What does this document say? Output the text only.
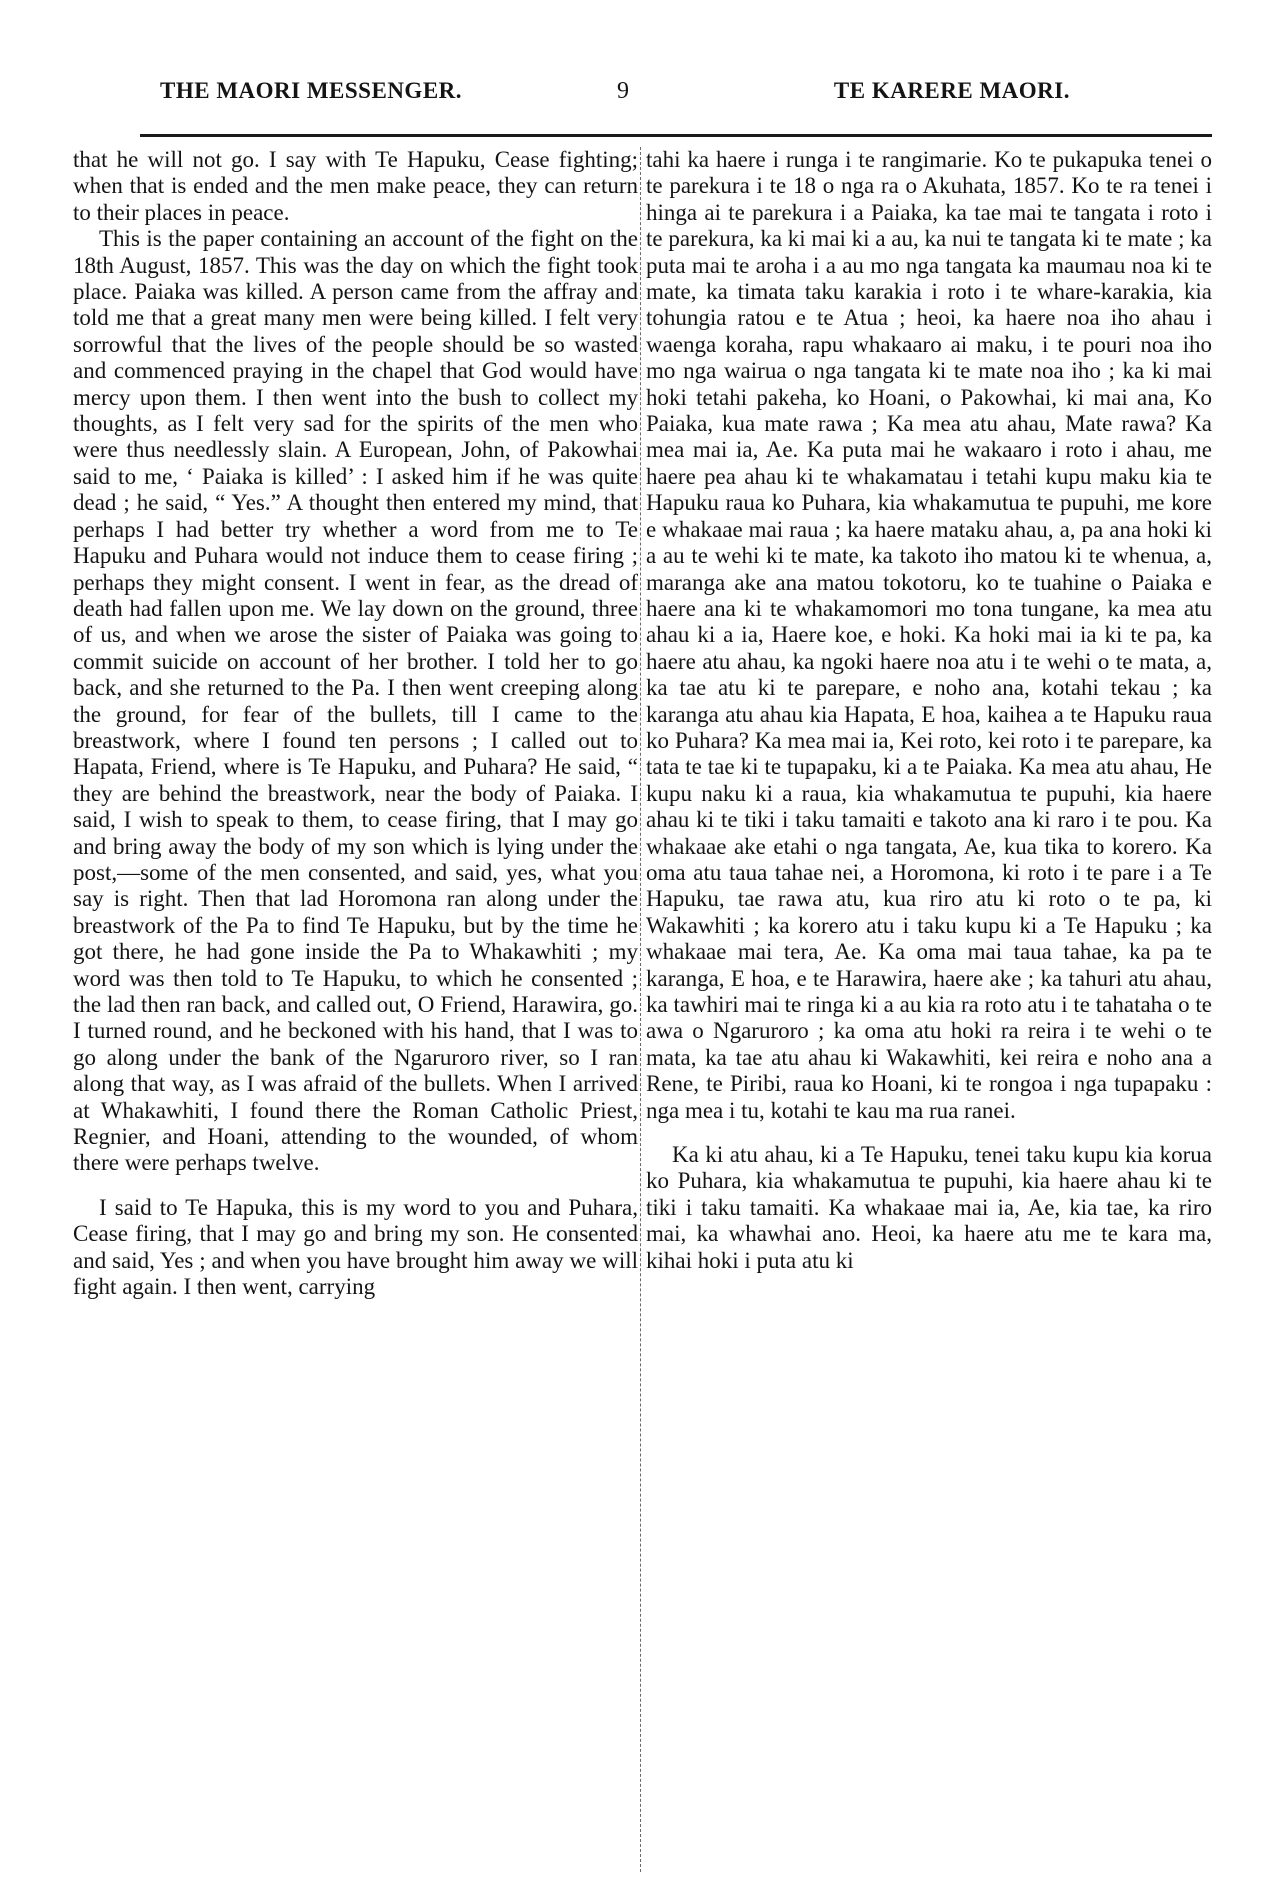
THE MAORI MESSENGER.	9	TE KARERE MAORI.

that he will not go. I say with Te Hapuku, Cease fighting; when that is ended and the men make peace, they can return to their places in peace.

This is the paper containing an account of the fight on the 18th August, 1857. This was the day on which the fight took place. Paiaka was killed. A person came from the affray and told me that a great many men were being killed. I felt very sorrowful that the lives of the people should be so wasted and commenced praying in the chapel that God would have mercy upon them. I then went into the bush to collect my thoughts, as I felt very sad for the spirits of the men who were thus needlessly slain. A European, John, of Pakowhai said to me, ‘ Paiaka is killed’ : I asked him if he was quite dead ; he said, “ Yes.” A thought then entered my mind, that perhaps I had better try whether a word from me to Te Hapuku and Puhara would not induce them to cease firing ; perhaps they might consent. I went in fear, as the dread of death had fallen upon me. We lay down on the ground, three of us, and when we arose the sister of Paiaka was going to commit suicide on account of her brother. I told her to go back, and she returned to the Pa. I then went creeping along the ground, for fear of the bullets, till I came to the breastwork, where I found ten persons ; I called out to Hapata, Friend, where is Te Hapuku, and Puhara? He said, “ they are behind the breastwork, near the body of Paiaka. I said, I wish to speak to them, to cease firing, that I may go and bring away the body of my son which is lying under the post,—some of the men consented, and said, yes, what you say is right. Then that lad Horomona ran along under the breastwork of the Pa to find Te Hapuku, but by the time he got there, he had gone inside the Pa to Whakawhiti ; my word was then told to Te Hapuku, to which he consented ; the lad then ran back, and called out, O Friend, Harawira, go. I turned round, and he beckoned with his hand, that I was to go along under the bank of the Ngaruroro river, so I ran along that way, as I was afraid of the bullets. When I arrived at Whakawhiti, I found there the Roman Catholic Priest, Regnier, and Hoani, attending to the wounded, of whom there were perhaps twelve.

I said to Te Hapuka, this is my word to you and Puhara, Cease firing, that I may go and bring my son. He consented and said, Yes ; and when you have brought him away we will fight again. I then went, carrying

tahi ka haere i runga i te rangimarie. Ko te pukapuka tenei o te parekura i te 18 o nga ra o Akuhata, 1857. Ko te ra tenei i hinga ai te parekura i a Paiaka, ka tae mai te tangata i roto i te parekura, ka ki mai ki a au, ka nui te tangata ki te mate ; ka puta mai te aroha i a au mo nga tangata ka maumau noa ki te mate, ka timata taku karakia i roto i te whare-karakia, kia tohungia ratou e te Atua ; heoi, ka haere noa iho ahau i waenga koraha, rapu whakaaro ai maku, i te pouri noa iho mo nga wairua o nga tangata ki te mate noa iho ; ka ki mai hoki tetahi pakeha, ko Hoani, o Pakowhai, ki mai ana, Ko Paiaka, kua mate rawa ; Ka mea atu ahau, Mate rawa? Ka mea mai ia, Ae. Ka puta mai he wakaaro i roto i ahau, me haere pea ahau ki te whakamatau i tetahi kupu maku kia te Hapuku raua ko Puhara, kia whakamutua te pupuhi, me kore e whakaae mai raua ; ka haere mataku ahau, a, pa ana hoki ki a au te wehi ki te mate, ka takoto iho matou ki te whenua, a, maranga ake ana matou tokotoru, ko te tuahine o Paiaka e haere ana ki te whakamomori mo tona tungane, ka mea atu ahau ki a ia, Haere koe, e hoki. Ka hoki mai ia ki te pa, ka haere atu ahau, ka ngoki haere noa atu i te wehi o te mata, a, ka tae atu ki te parepare, e noho ana, kotahi tekau ; ka karanga atu ahau kia Hapata, E hoa, kaihea a te Hapuku raua ko Puhara? Ka mea mai ia, Kei roto, kei roto i te parepare, ka tata te tae ki te tupapaku, ki a te Paiaka. Ka mea atu ahau, He kupu naku ki a raua, kia whakamutua te pupuhi, kia haere ahau ki te tiki i taku tamaiti e takoto ana ki raro i te pou. Ka whakaae ake etahi o nga tangata, Ae, kua tika to korero. Ka oma atu taua tahae nei, a Horomona, ki roto i te pare i a Te Hapuku, tae rawa atu, kua riro atu ki roto o te pa, ki Wakawhiti ; ka korero atu i taku kupu ki a Te Hapuku ; ka whakaae mai tera, Ae. Ka oma mai taua tahae, ka pa te karanga, E hoa, e te Harawira, haere ake ; ka tahuri atu ahau, ka tawhiri mai te ringa ki a au kia ra roto atu i te tahataha o te awa o Ngaruroro ; ka oma atu hoki ra reira i te wehi o te mata, ka tae atu ahau ki Wakawhiti, kei reira e noho ana a Rene, te Piribi, raua ko Hoani, ki te rongoa i nga tupapaku : nga mea i tu, kotahi te kau ma rua ranei.

Ka ki atu ahau, ki a Te Hapuku, tenei taku kupu kia korua ko Puhara, kia whakamutua te pupuhi, kia haere ahau ki te tiki i taku tamaiti. Ka whakaae mai ia, Ae, kia tae, ka riro mai, ka whawhai ano. Heoi, ka haere atu me te kara ma, kihai hoki i puta atu ki
